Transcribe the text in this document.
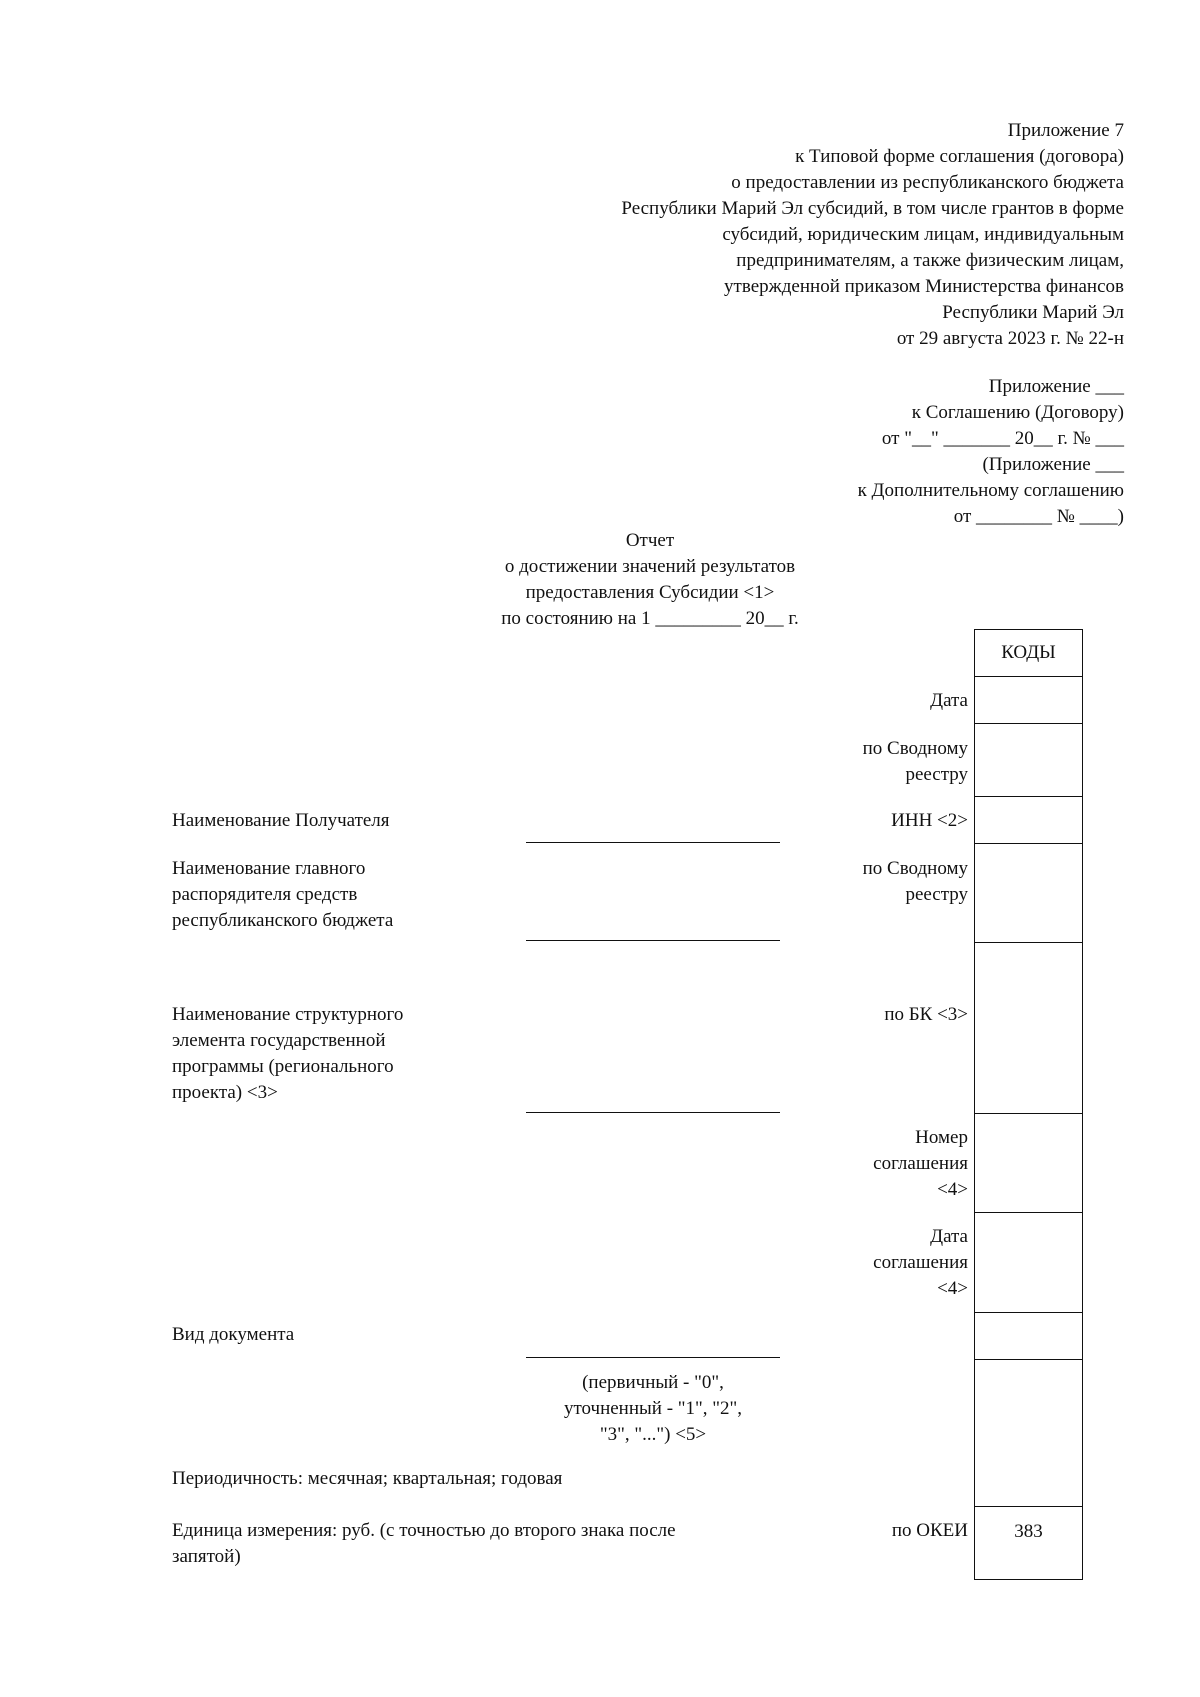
Приложение 7
к Типовой форме соглашения (договора)
о предоставлении из республиканского бюджета
Республики Марий Эл субсидий, в том числе грантов в форме
субсидий, юридическим лицам, индивидуальным
предпринимателям, а также физическим лицам,
утвержденной приказом Министерства финансов
Республики Марий Эл
от 29 августа 2023 г. № 22-н
Приложение ___
к Соглашению (Договору)
от "__" _______ 20__ г. № ___
(Приложение ___
к Дополнительному соглашению
от ________ № ____)
Отчет
о достижении значений результатов
предоставления Субсидии <1>
по состоянию на 1 _________ 20__ г.
КОДЫ
383
Дата
по Сводному
реестру
ИНН <2>
по Сводному
реестру
по БК <3>
Номер
соглашения
<4>
Дата
соглашения
<4>
по ОКЕИ
Наименование Получателя
Наименование главного
распорядителя средств
республиканского бюджета
Наименование структурного
элемента государственной
программы (регионального
проекта) <3>
Вид документа
(первичный - "0",
уточненный - "1", "2",
"3", "...") <5>
Периодичность: месячная; квартальная; годовая
Единица измерения: руб. (с точностью до второго знака после
запятой)
